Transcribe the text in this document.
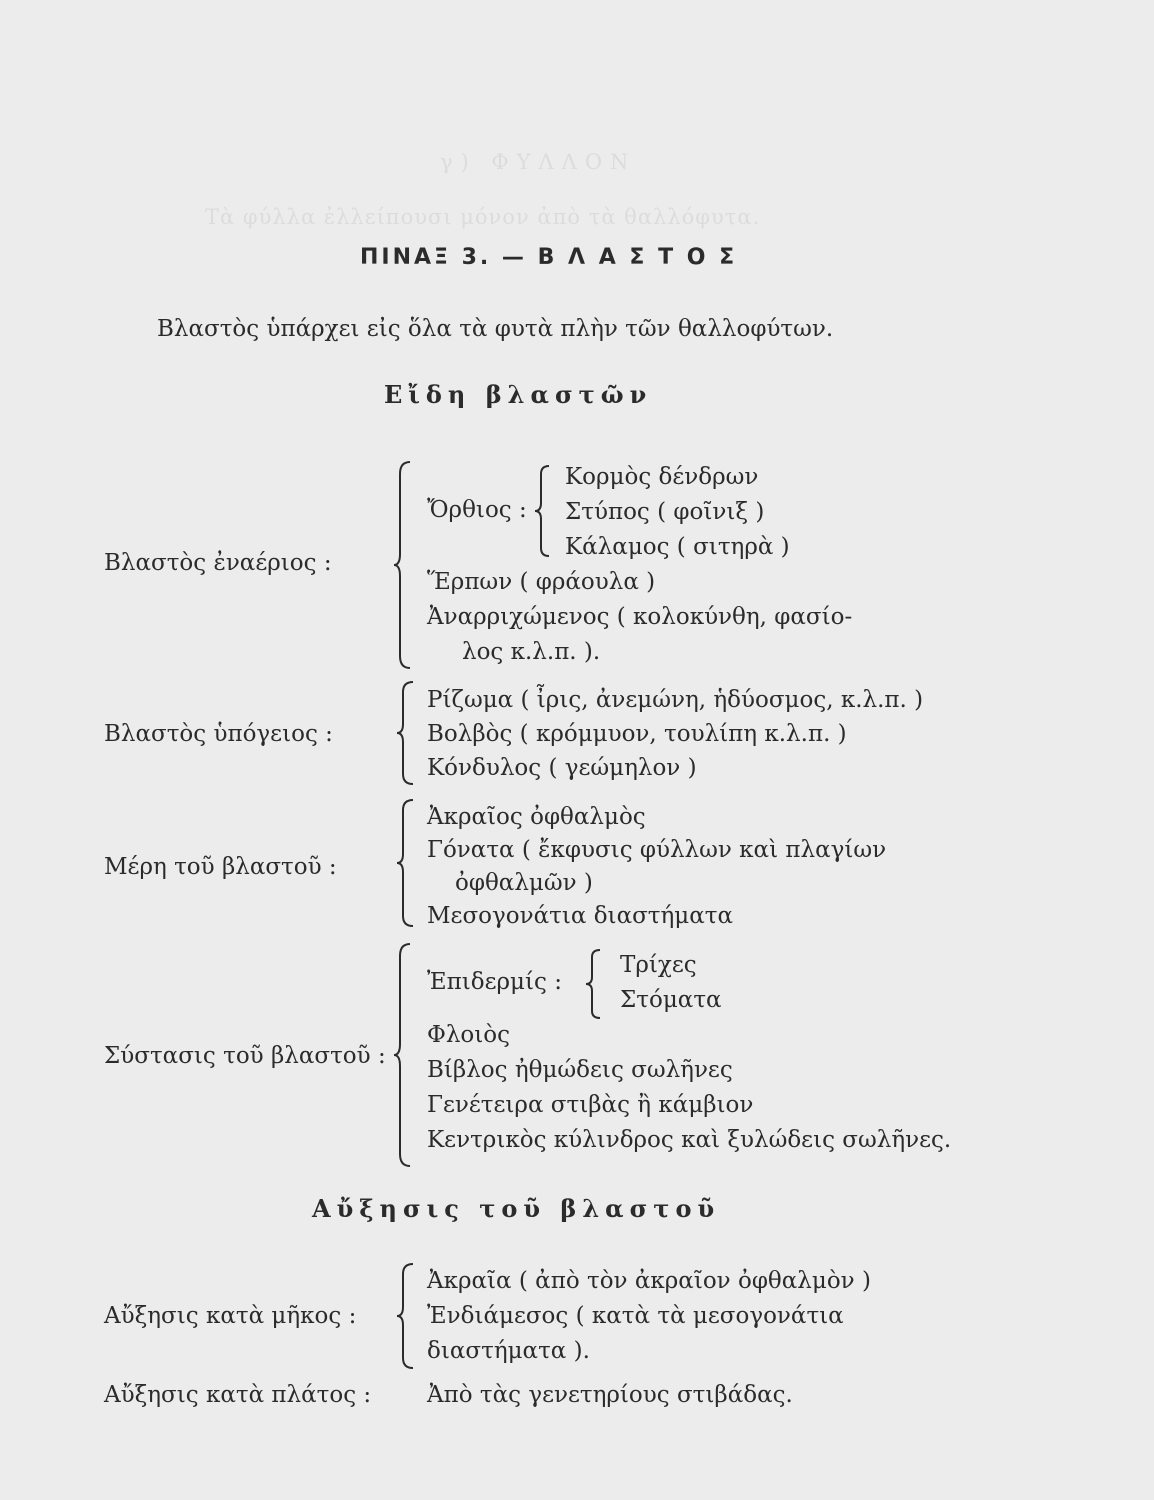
γ) ΦΥΛΛΟΝ
Τὰ φύλλα ἐλλείπουσι μόνον ἀπὸ τὰ θαλλόφυτα.
ΠΙΝΑΞ 3. — Β Λ Α Σ Τ Ο Σ
Βλαστὸς ὑπάρχει εἰς ὅλα τὰ φυτὰ πλὴν τῶν θαλλοφύτων.
Εἴδη βλαστῶν
Βλαστὸς ἐναέριος :
Ὄρθιος :
Κορμὸς δένδρων
Στύπος ( φοῖνιξ )
Κάλαμος ( σιτηρὰ )
Ἕρπων ( φράουλα )
Ἀναρριχώμενος ( κολοκύνθη, φασίο-
λος κ.λ.π. ).
Βλαστὸς ὑπόγειος :
Ρίζωμα ( ἶρις, ἀνεμώνη, ἡδύοσμος, κ.λ.π. )
Βολβὸς ( κρόμμυον, τουλίπη κ.λ.π. )
Κόνδυλος ( γεώμηλον )
Μέρη τοῦ βλαστοῦ :
Ἀκραῖος ὀφθαλμὸς
Γόνατα ( ἔκφυσις φύλλων καὶ πλαγίων
ὀφθαλμῶν )
Μεσογονάτια διαστήματα
Σύστασις τοῦ βλαστοῦ :
Ἐπιδερμίς :
Τρίχες
Στόματα
Φλοιὸς
Βίβλος ἠθμώδεις σωλῆνες
Γενέτειρα στιβὰς ἢ κάμβιον
Κεντρικὸς κύλινδρος καὶ ξυλώδεις σωλῆνες.
Αὔξησις τοῦ βλαστοῦ
Αὔξησις κατὰ μῆκος :
Ἀκραῖα ( ἀπὸ τὸν ἀκραῖον ὀφθαλμὸν )
Ἐνδιάμεσος ( κατὰ τὰ μεσογονάτια
διαστήματα ).
Αὔξησις κατὰ πλάτος : Ἀπὸ τὰς γενετηρίους στιβάδας.
